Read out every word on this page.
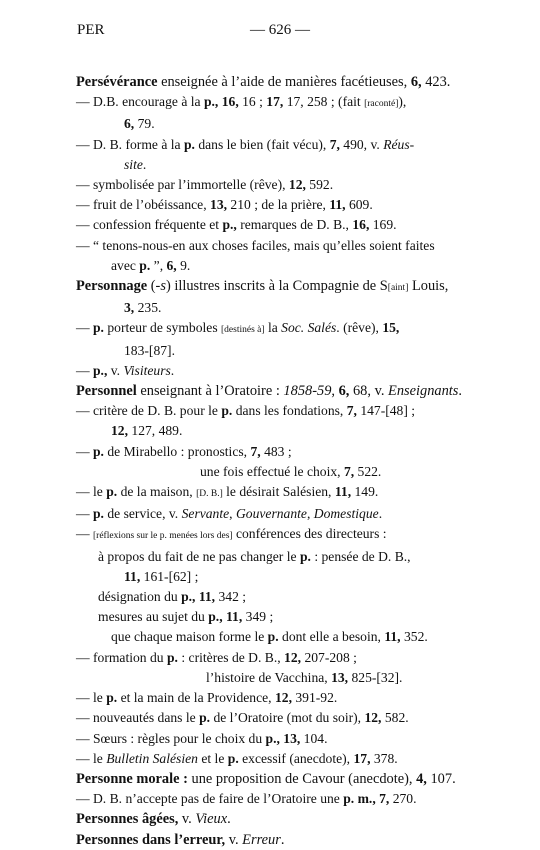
PER	— 626 —
Persévérance enseignée à l’aide de manières facétieuses, 6, 423.
— D.B. encourage à la p., 16, 16 ; 17, 17, 258 ; (fait [raconté]),
6, 79.
— D. B. forme à la p. dans le bien (fait vécu), 7, 490, v. Réus-
site.
— symbolisée par l’immortelle (rêve), 12, 592.
— fruit de l’obéissance, 13, 210 ; de la prière, 11, 609.
— confession fréquente et p., remarques de D. B., 16, 169.
— “ tenons-nous-en aux choses faciles, mais qu’elles soient faites
avec p. ”, 6, 9.
Personnage (-s) illustres inscrits à la Compagnie de S[aint] Louis,
3, 235.
— p. porteur de symboles [destinés à] la Soc. Salés. (rêve), 15,
183-[87].
— p., v. Visiteurs.
Personnel enseignant à l’Oratoire : 1858-59, 6, 68, v. Enseignants.
— critère de D. B. pour le p. dans les fondations, 7, 147-[48] ;
12, 127, 489.
— p. de Mirabello : pronostics, 7, 483 ;
une fois effectué le choix, 7, 522.
— le p. de la maison, [D. B.] le désirait Salésien, 11, 149.
— p. de service, v. Servante, Gouvernante, Domestique.
— [réflexions sur le p. menées lors des] conférences des directeurs :
à propos du fait de ne pas changer le p. : pensée de D. B.,
11, 161-[62] ;
désignation du p., 11, 342 ;
mesures au sujet du p., 11, 349 ;
que chaque maison forme le p. dont elle a besoin, 11, 352.
— formation du p. : critères de D. B., 12, 207-208 ;
l’histoire de Vacchina, 13, 825-[32].
— le p. et la main de la Providence, 12, 391-92.
— nouveautés dans le p. de l’Oratoire (mot du soir), 12, 582.
— Sœurs : règles pour le choix du p., 13, 104.
— le Bulletin Salésien et le p. excessif (anecdote), 17, 378.
Personne morale : une proposition de Cavour (anecdote), 4, 107.
— D. B. n’accepte pas de faire de l’Oratoire une p. m., 7, 270.
Personnes âgées, v. Vieux.
Personnes dans l’erreur, v. Erreur.
